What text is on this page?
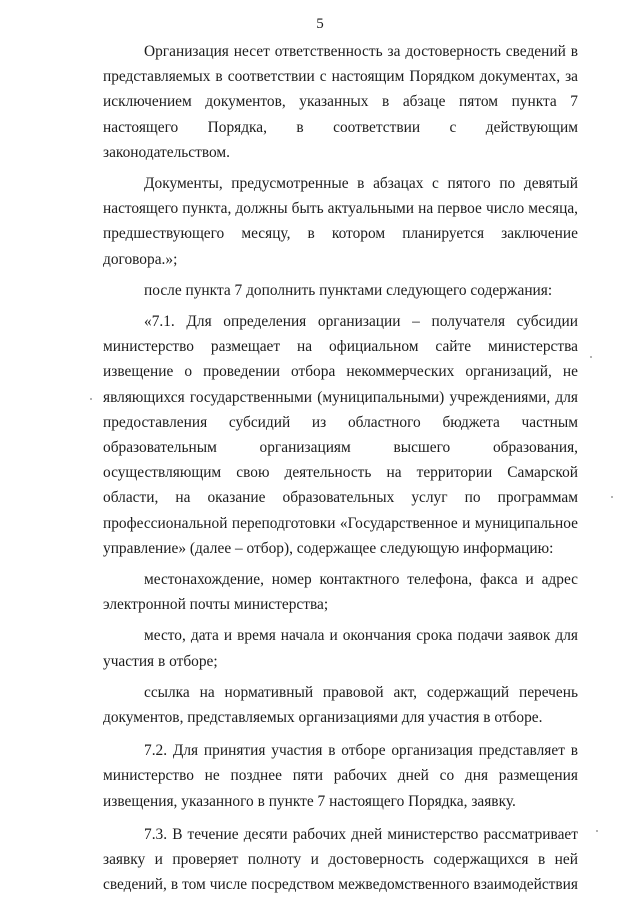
5

Организация несет ответственность за достоверность сведений в представляемых в соответствии с настоящим Порядком документах, за исключением документов, указанных в абзаце пятом пункта 7 настоящего Порядка, в соответствии с действующим законодательством.

Документы, предусмотренные в абзацах с пятого по девятый настоящего пункта, должны быть актуальными на первое число месяца, предшествующего месяцу, в котором планируется заключение договора.»;

после пункта 7 дополнить пунктами следующего содержания:

«7.1. Для определения организации – получателя субсидии министерство размещает на официальном сайте министерства извещение о проведении отбора некоммерческих организаций, не являющихся государственными (муниципальными) учреждениями, для предоставления субсидий из областного бюджета частным образовательным организациям высшего образования, осуществляющим свою деятельность на территории Самарской области, на оказание образовательных услуг по программам профессиональной переподготовки «Государственное и муниципальное управление» (далее – отбор), содержащее следующую информацию:

местонахождение, номер контактного телефона, факса и адрес электронной почты министерства;

место, дата и время начала и окончания срока подачи заявок для участия в отборе;

ссылка на нормативный правовой акт, содержащий перечень документов, представляемых организациями для участия в отборе.

7.2. Для принятия участия в отборе организация представляет в министерство не позднее пяти рабочих дней со дня размещения извещения, указанного в пункте 7 настоящего Порядка, заявку.

7.3. В течение десяти рабочих дней министерство рассматривает заявку и проверяет полноту и достоверность содержащихся в ней сведений, в том числе посредством межведомственного взаимодействия
